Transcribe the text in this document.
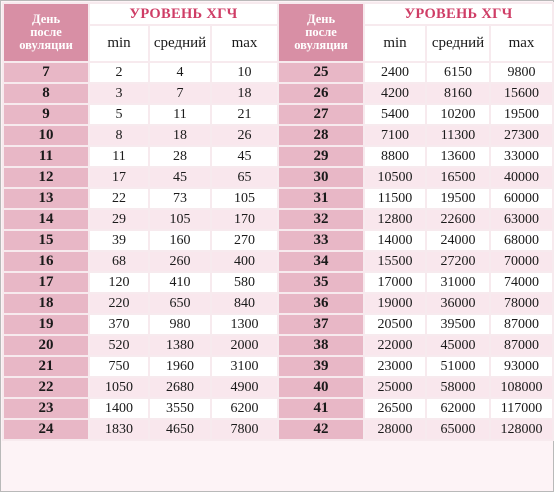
День
после
овуляции	УРОВЕНЬ ХГЧ			День
после
овуляции	УРОВЕНЬ ХГЧ		
	min	средний	max		min	средний	max
7	2	4	10	25	2400	6150	9800
8	3	7	18	26	4200	8160	15600
9	5	11	21	27	5400	10200	19500
10	8	18	26	28	7100	11300	27300
11	11	28	45	29	8800	13600	33000
12	17	45	65	30	10500	16500	40000
13	22	73	105	31	11500	19500	60000
14	29	105	170	32	12800	22600	63000
15	39	160	270	33	14000	24000	68000
16	68	260	400	34	15500	27200	70000
17	120	410	580	35	17000	31000	74000
18	220	650	840	36	19000	36000	78000
19	370	980	1300	37	20500	39500	87000
20	520	1380	2000	38	22000	45000	87000
21	750	1960	3100	39	23000	51000	93000
22	1050	2680	4900	40	25000	58000	108000
23	1400	3550	6200	41	26500	62000	117000
24	1830	4650	7800	42	28000	65000	128000
